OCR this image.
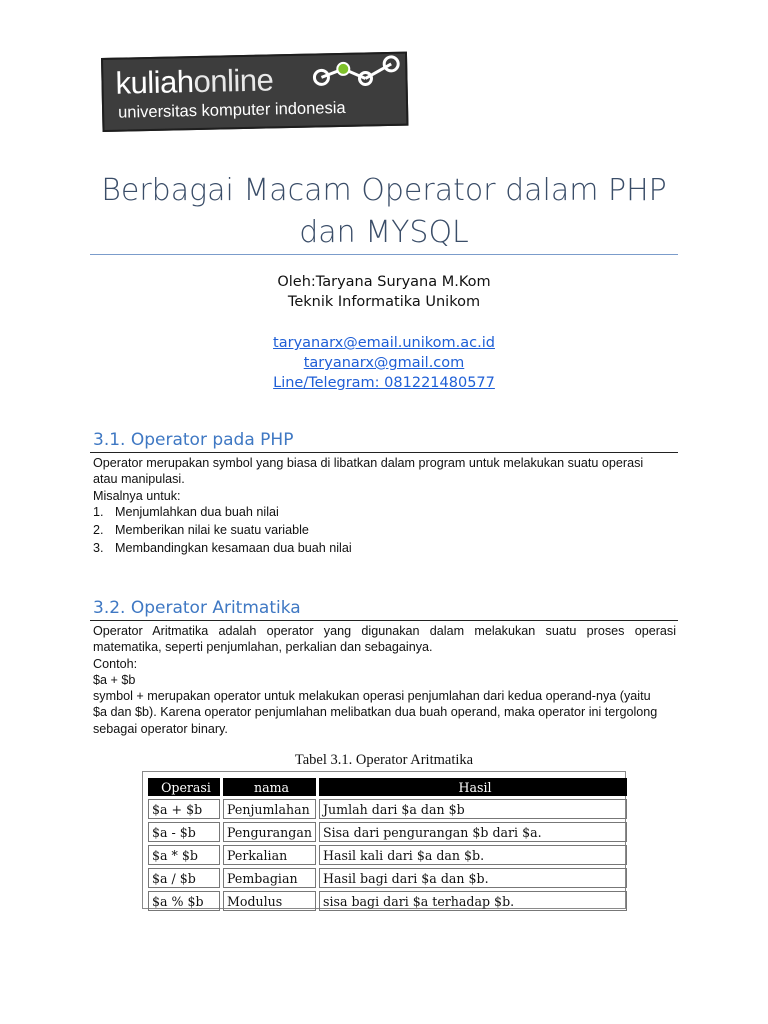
kuliahonline
universitas komputer indonesia
Berbagai Macam Operator dalam PHP
dan MYSQL
Oleh:Taryana Suryana M.Kom
Teknik Informatika Unikom
taryanarx@email.unikom.ac.id
taryanarx@gmail.com
Line/Telegram: 081221480577
3.1. Operator pada PHP
Operator merupakan symbol yang biasa di libatkan dalam program untuk melakukan suatu operasi
atau manipulasi.
Misalnya untuk:
1. Menjumlahkan dua buah nilai
2. Memberikan nilai ke suatu variable
3. Membandingkan kesamaan dua buah nilai
3.2. Operator Aritmatika
Operator Aritmatika adalah operator yang digunakan dalam melakukan suatu proses operasi
matematika, seperti penjumlahan, perkalian dan sebagainya.
Contoh:
$a + $b
symbol + merupakan operator untuk melakukan operasi penjumlahan dari kedua operand-nya (yaitu
$a dan $b). Karena operator penjumlahan melibatkan dua buah operand, maka operator ini tergolong
sebagai operator binary.
Tabel 3.1. Operator Aritmatika
Operasi	nama	Hasil
$a + $b	Penjumlahan	Jumlah dari $a dan $b
$a - $b	Pengurangan	Sisa dari pengurangan $b dari $a.
$a * $b	Perkalian	Hasil kali dari $a dan $b.
$a / $b	Pembagian	Hasil bagi dari $a dan $b.
$a % $b	Modulus	sisa bagi dari $a terhadap $b.
